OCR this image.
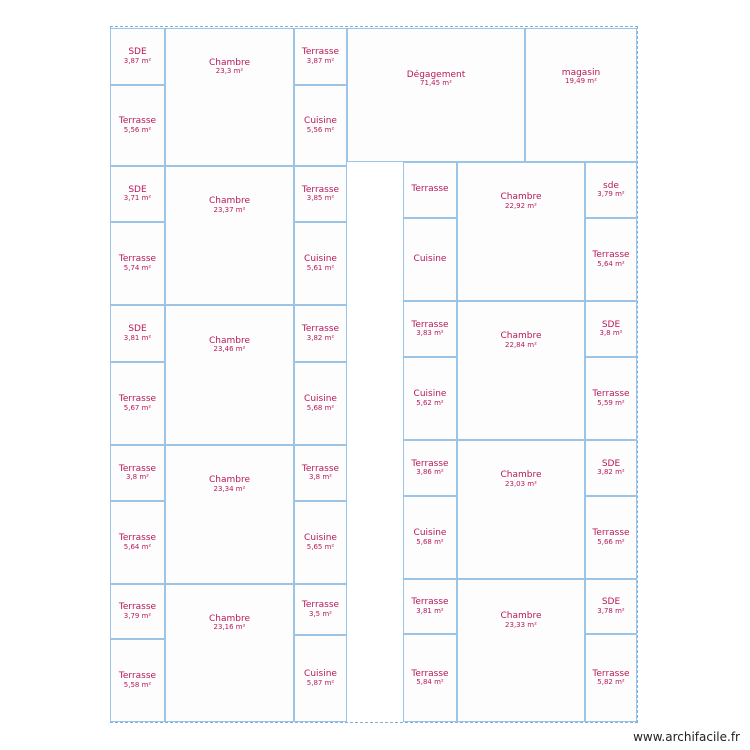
SDE
3,87 m²
Terrasse
5,56 m²
Chambre
23,3 m²
Terrasse
3,87 m²
Cuisine
5,56 m²
SDE
3,71 m²
Terrasse
5,74 m²
Chambre
23,37 m²
Terrasse
3,85 m²
Cuisine
5,61 m²
SDE
3,81 m²
Terrasse
5,67 m²
Chambre
23,46 m²
Terrasse
3,82 m²
Cuisine
5,68 m²
Terrasse
3,8 m²
Terrasse
5,64 m²
Chambre
23,34 m²
Terrasse
3,8 m²
Cuisine
5,65 m²
Terrasse
3,79 m²
Terrasse
5,58 m²
Chambre
23,16 m²
Terrasse
3,5 m²
Cuisine
5,87 m²
Dégagement
71,45 m²
magasin
19,49 m²
Terrasse
Cuisine
Chambre
22,92 m²
sde
3,79 m²
Terrasse
5,64 m²
Terrasse
3,83 m²
Cuisine
5,62 m²
Chambre
22,84 m²
SDE
3,8 m²
Terrasse
5,59 m²
Terrasse
3,86 m²
Cuisine
5,68 m²
Chambre
23,03 m²
SDE
3,82 m²
Terrasse
5,66 m²
Terrasse
3,81 m²
Terrasse
5,84 m²
Chambre
23,33 m²
SDE
3,78 m²
Terrasse
5,82 m²
www.archifacile.fr
